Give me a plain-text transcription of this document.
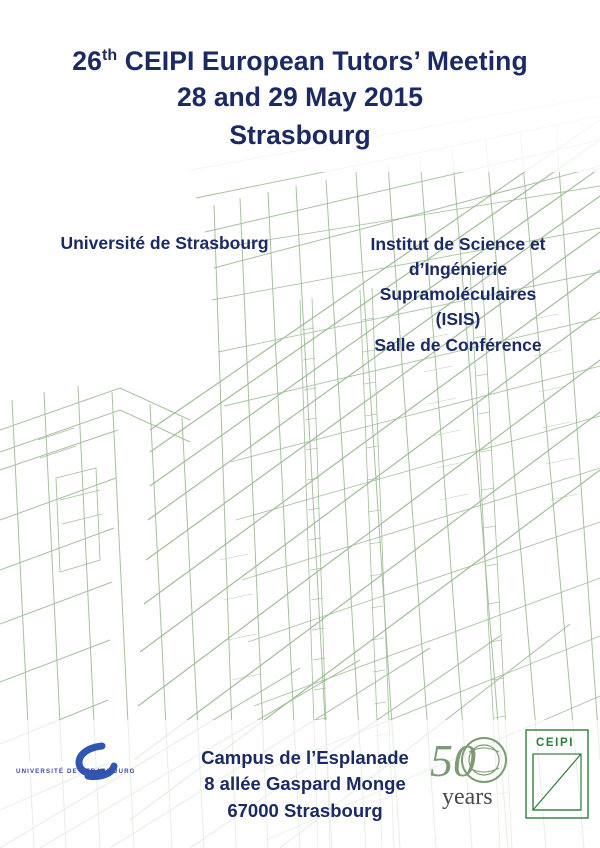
26th CEIPI European Tutors’ Meeting
28 and 29 May 2015
Strasbourg
Université de Strasbourg	Institut de Science et
d’Ingénierie
Supramoléculaires
(ISIS)
Salle de Conférence
Campus de l’Esplanade
8 allée Gaspard Monge
67000 Strasbourg
UNIVERSITÉ DE STRASBOURG	50
years
CEIPI
